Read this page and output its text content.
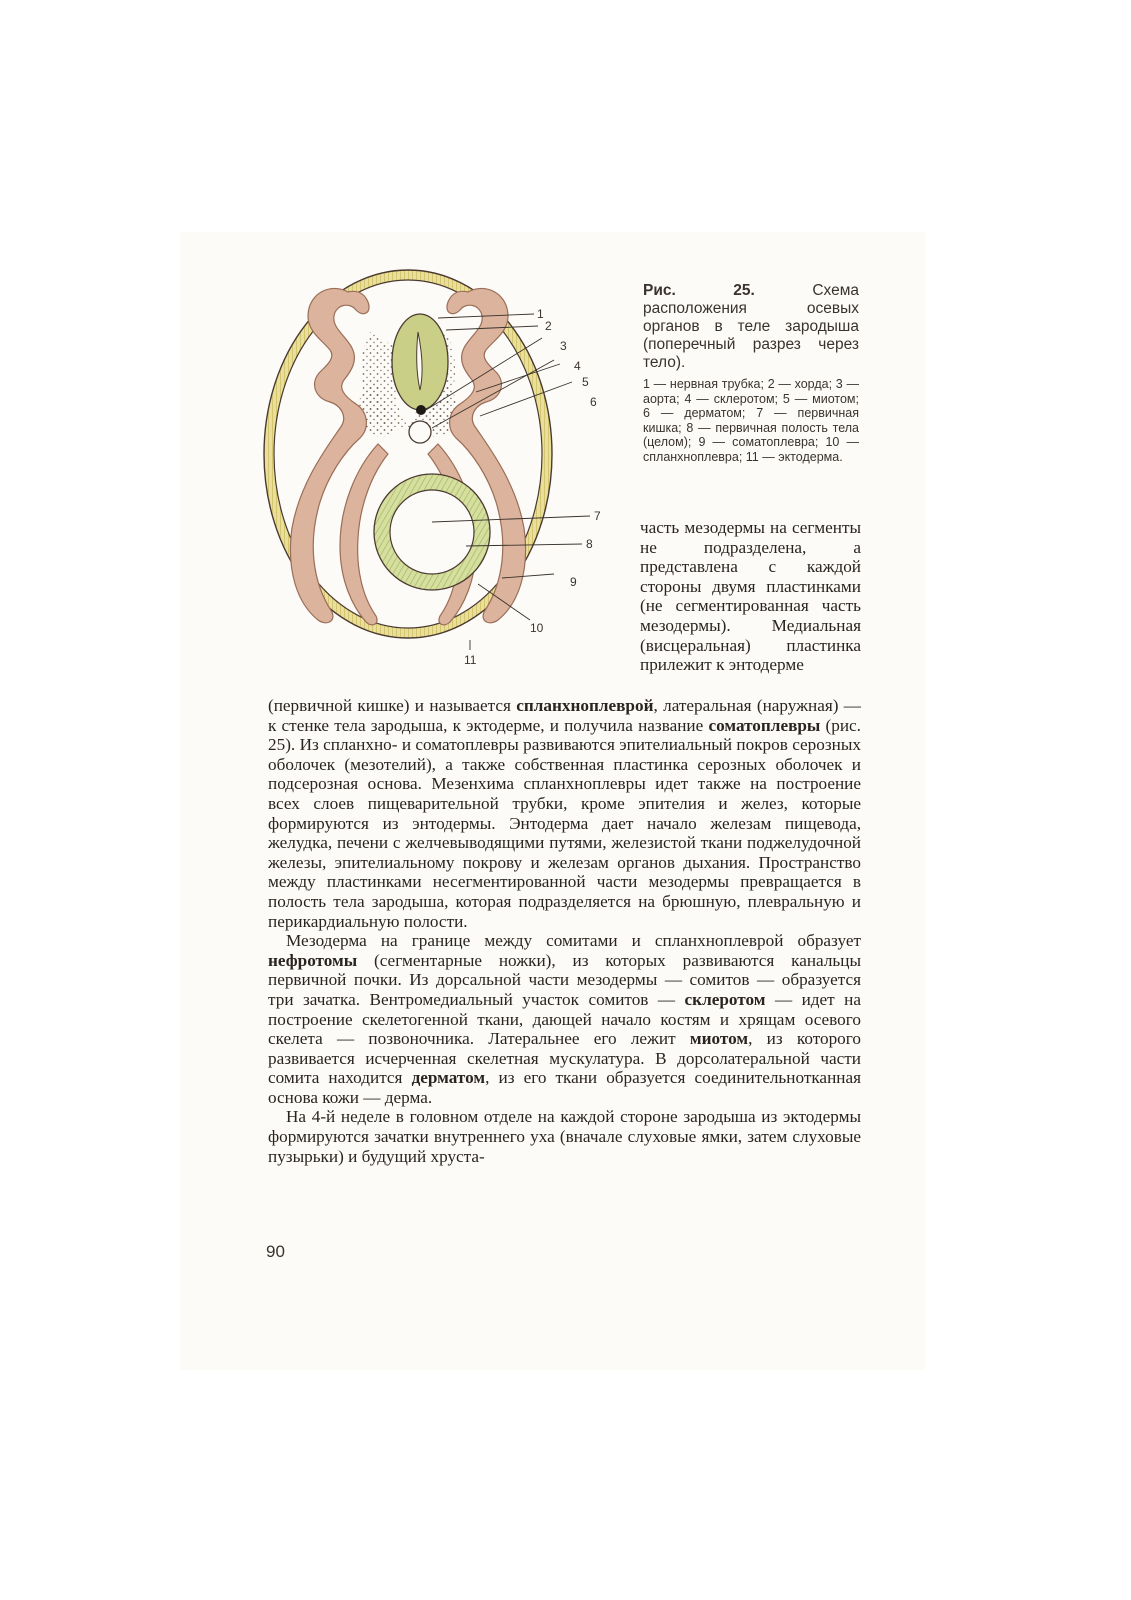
1
2
3
4
5
6
7
8
9
10
11

Рис. 25. Схема расположения осевых органов в теле зародыша (поперечный разрез через тело).

1 — нервная трубка; 2 — хорда; 3 — аорта; 4 — склеротом; 5 — миотом; 6 — дерматом; 7 — первичная кишка; 8 — первичная полость тела (целом); 9 — соматоплевра; 10 — спланхноплевра; 11 — эктодерма.

часть мезодермы на сегменты не подразделена, а представлена с каждой стороны двумя пластинками (не сегментированная часть мезодермы). Медиальная (висцеральная) пластинка прилежит к энтодерме

(первичной кишке) и называется спланхноплеврой, латеральная (наружная) — к стенке тела зародыша, к эктодерме, и получила название соматоплевры (рис. 25). Из спланхно- и соматоплевры развиваются эпителиальный покров серозных оболочек (мезотелий), а также собственная пластинка серозных оболочек и подсерозная основа. Мезенхима спланхноплевры идет также на построение всех слоев пищеварительной трубки, кроме эпителия и желез, которые формируются из энтодермы. Энтодерма дает начало железам пищевода, желудка, печени с желчевыводящими путями, железистой ткани поджелудочной железы, эпителиальному покрову и железам органов дыхания. Пространство между пластинками несегментированной части мезодермы превращается в полость тела зародыша, которая подразделяется на брюшную, плевральную и перикардиальную полости.

Мезодерма на границе между сомитами и спланхноплеврой образует нефротомы (сегментарные ножки), из которых развиваются канальцы первичной почки. Из дорсальной части мезодермы — сомитов — образуется три зачатка. Вентромедиальный участок сомитов — склеротом — идет на построение скелетогенной ткани, дающей начало костям и хрящам осевого скелета — позвоночника. Латеральнее его лежит миотом, из которого развивается исчерченная скелетная мускулатура. В дорсолатеральной части сомита находится дерматом, из его ткани образуется соединительнотканная основа кожи — дерма.

На 4-й неделе в головном отделе на каждой стороне зародыша из эктодермы формируются зачатки внутреннего уха (вначале слуховые ямки, затем слуховые пузырьки) и будущий хруста-

90
